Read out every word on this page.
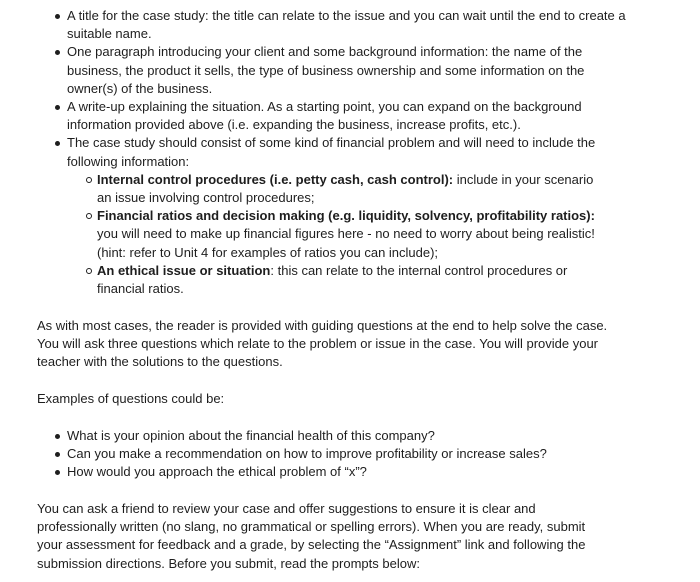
A title for the case study: the title can relate to the issue and you can wait until the end to create a suitable name.
One paragraph introducing your client and some background information: the name of the business, the product it sells, the type of business ownership and some information on the owner(s) of the business.
A write-up explaining the situation. As a starting point, you can expand on the background information provided above (i.e. expanding the business, increase profits, etc.).
The case study should consist of some kind of financial problem and will need to include the following information:
Internal control procedures (i.e. petty cash, cash control): include in your scenario an issue involving control procedures;
Financial ratios and decision making (e.g. liquidity, solvency, profitability ratios): you will need to make up financial figures here - no need to worry about being realistic! (hint: refer to Unit 4 for examples of ratios you can include);
An ethical issue or situation: this can relate to the internal control procedures or financial ratios.

As with most cases, the reader is provided with guiding questions at the end to help solve the case. You will ask three questions which relate to the problem or issue in the case. You will provide your teacher with the solutions to the questions.

Examples of questions could be:

What is your opinion about the financial health of this company?
Can you make a recommendation on how to improve profitability or increase sales?
How would you approach the ethical problem of “x”?

You can ask a friend to review your case and offer suggestions to ensure it is clear and professionally written (no slang, no grammatical or spelling errors). When you are ready, submit your assessment for feedback and a grade, by selecting the “Assignment” link and following the submission directions. Before you submit, read the prompts below:
